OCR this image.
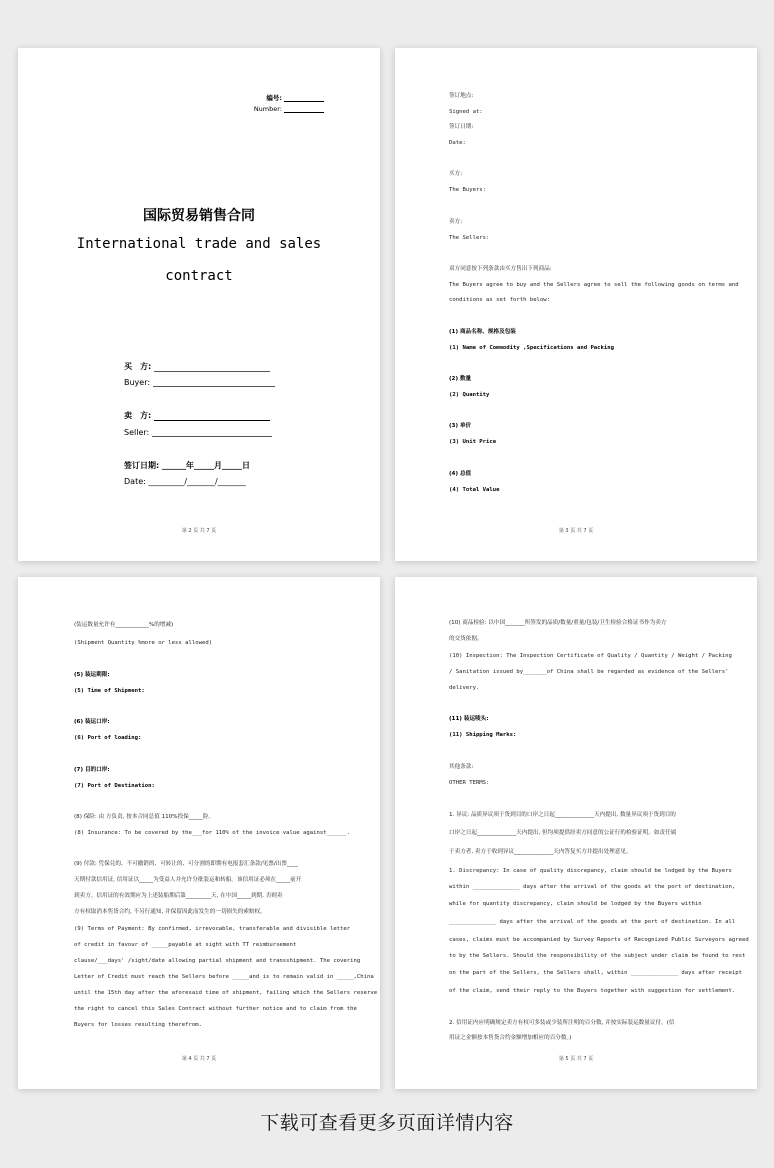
编号:
Number:
国际贸易销售合同
International trade and sales
contract
买　方:
Buyer:
卖　方:
Seller:
签订日期: ______年_____月_____日
Date: _________/_______/_______
第 2 页 共 7 页
签订地点:
Signed at:
签订日期:
Date:
买方:
The Buyers:
卖方:
The Sellers:
双方同意按下列条款由买方售出下列商品:
The Buyers agree to buy and the Sellers agree to sell the following goods on terms and
conditions as set forth below:
(1) 商品名称、规格及包装
(1) Name of Commodity ,Specifications and Packing
(2) 数量
(2) Quantity
(3) 单价
(3) Unit Price
(4) 总值
(4) Total Value
第 3 页 共 7 页
(装运数量允许有____________%的增减)
(Shipment Quantity %more or less allowed)
(5) 装运期限:
(5) Time of Shipment:
(6) 装运口岸:
(6) Port of loading:
(7) 目的口岸:
(7) Port of Destination:
(8) 保险: 由 方负责, 按本合同总值 110%投保_____险。
(8) Insurance: To be covered by the___for 110% of the invoice value against______.
(9) 付款: 凭保兑的、不可撤销的、可转让的、可分割的即期有电报套汇条款/见票/出票____
天期付款信用证, 信用证以_____为受益人并允许分批装运和转船。该信用证必须在_____前开
到卖方。信用证的有效期应为上述装船期后第_________天, 在中国_____到期, 否则卖
方有权取消本售货合约, 不另行通知, 并保留因此而发生的一切损失的索赔权。
(9) Terms of Payment: By confirmed, irrevocable, transferable and divisible letter
of credit in favour of _____payable at sight with TT reimbursement
clause/___days' /sight/date allowing partial shipment and transshipment. The covering
Letter of Credit must reach the Sellers before _____and is to remain valid in _____,China
until the 15th day after the aforesaid time of shipment, failing which the Sellers reserve
the right to cancel this Sales Contract without further notice and to claim from the
Buyers for losses resulting therefrom.
第 4 页 共 7 页
(10) 商品检验: 以中国_______所签发的品质/数量/重量/包装/卫生检验合格证书作为卖方
的交货依据。
(10) Inspection: The Inspection Certificate of Quality / Quantity / Weight / Packing
/ Sanitation issued by_______of China shall be regarded as evidence of the Sellers'
delivery.
(11) 装运唛头:
(11) Shipping Marks:
其他条款:
OTHER TERMS:
1. 异议: 品质异议须于货到目的口岸之日起______________天内提出, 数量异议须于货到目的
口岸之日起______________天内提出, 但均须提供经卖方同意的公证行的检验证明。如责任属
于卖方者, 卖方于收到异议______________天内答复买方并提出处理意见。
1. Discrepancy: In case of quality discrepancy, claim should be lodged by the Buyers
within ______________ days after the arrival of the goods at the port of destination,
while for quantity discrepancy, claim should be lodged by the Buyers within
______________ days after the arrival of the goods at the port of destination. In all
cases, claims must be accompanied by Survey Reports of Recognized Public Surveyors agreed
to by the Sellers. Should the responsibility of the subject under claim be found to rest
on the part of the Sellers, the Sellers shall, within ______________ days after receipt
of the claim, send their reply to the Buyers together with suggestion for settlement.
2. 信用证内应明确规定卖方有权可多装或少装所注明的百分数, 并按实际装运数量议付。(信
用证之金额按本售货合约金额增加相应的百分数。)
第 5 页 共 7 页
下载可查看更多页面详情内容
